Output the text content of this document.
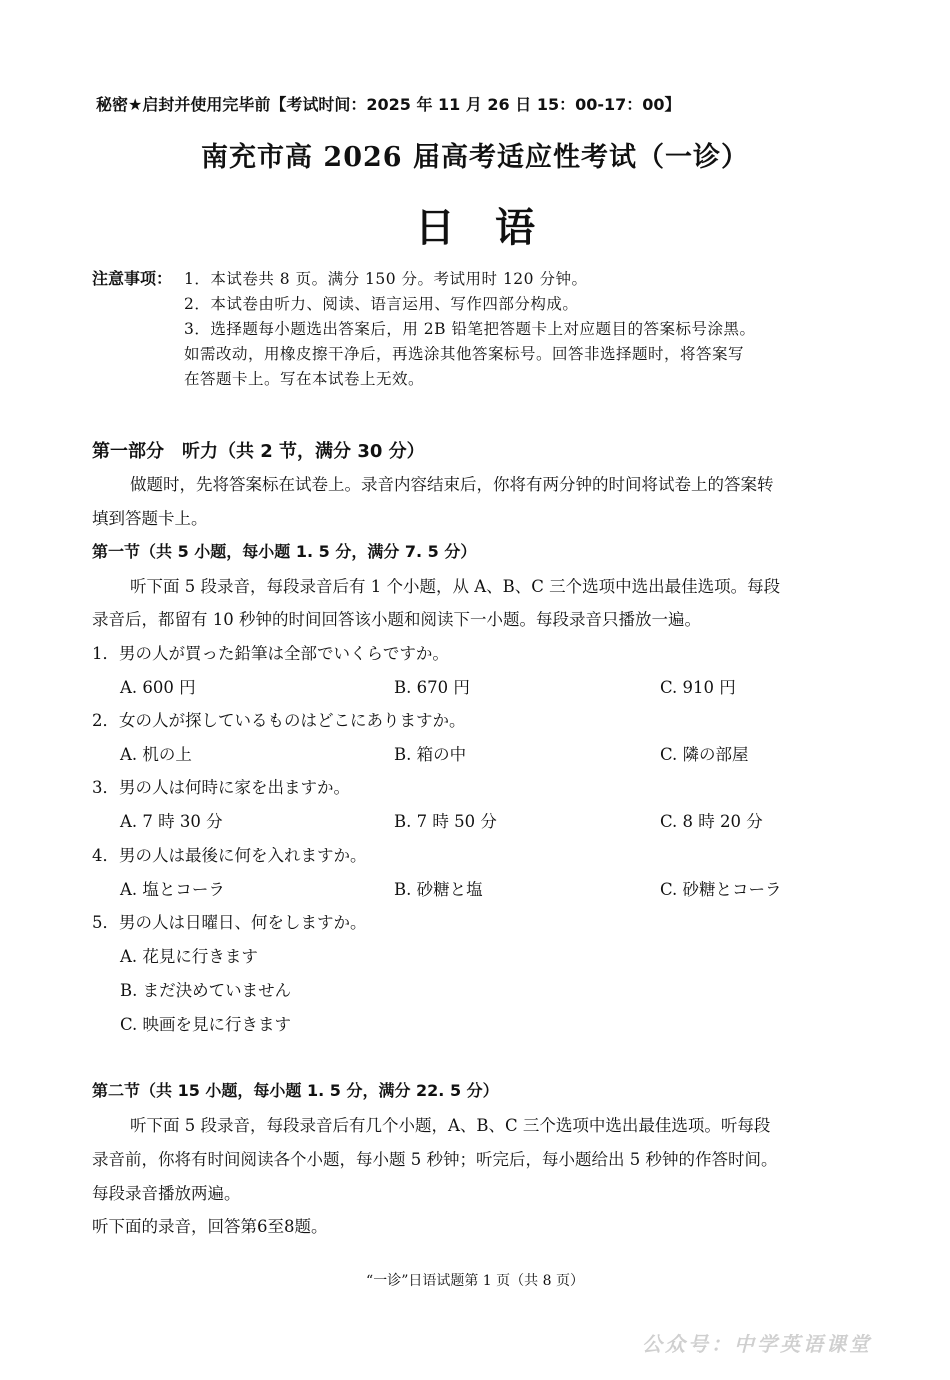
秘密★启封并使用完毕前【考试时间：2025 年 11 月 26 日 15：00-17：00】
南充市高 2026 届高考适应性考试（一诊）
日　语
注意事项： 1．本试卷共 8 页。满分 150 分。考试用时 120 分钟。
2．本试卷由听力、阅读、语言运用、写作四部分构成。
3．选择题每小题选出答案后，用 2B 铅笔把答题卡上对应题目的答案标号涂黑。
如需改动，用橡皮擦干净后，再选涂其他答案标号。回答非选择题时，将答案写
在答题卡上。写在本试卷上无效。
第一部分　听力（共 2 节，满分 30 分）
做题时，先将答案标在试卷上。录音内容结束后，你将有两分钟的时间将试卷上的答案转
填到答题卡上。
第一节（共 5 小题，每小题 1. 5 分，满分 7. 5 分）
听下面 5 段录音，每段录音后有 1 个小题，从 A、B、C 三个选项中选出最佳选项。每段
录音后，都留有 10 秒钟的时间回答该小题和阅读下一小题。每段录音只播放一遍。
1．男の人が買った鉛筆は全部でいくらですか。
A. 600 円	B. 670 円	C. 910 円
2．女の人が探しているものはどこにありますか。
A. 机の上	B. 箱の中	C. 隣の部屋
3．男の人は何時に家を出ますか。
A. 7 時 30 分	B. 7 時 50 分	C. 8 時 20 分
4．男の人は最後に何を入れますか。
A. 塩とコーラ	B. 砂糖と塩	C. 砂糖とコーラ
5．男の人は日曜日、何をしますか。
A. 花見に行きます
B. まだ決めていません
C. 映画を見に行きます
第二节（共 15 小题，每小题 1. 5 分，满分 22. 5 分）
听下面 5 段录音，每段录音后有几个小题，A、B、C 三个选项中选出最佳选项。听每段
录音前，你将有时间阅读各个小题，每小题 5 秒钟；听完后，每小题给出 5 秒钟的作答时间。
每段录音播放两遍。
听下面的录音，回答第6至8题。
“一诊”日语试题第 1 页（共 8 页）
公众号：中学英语课堂
